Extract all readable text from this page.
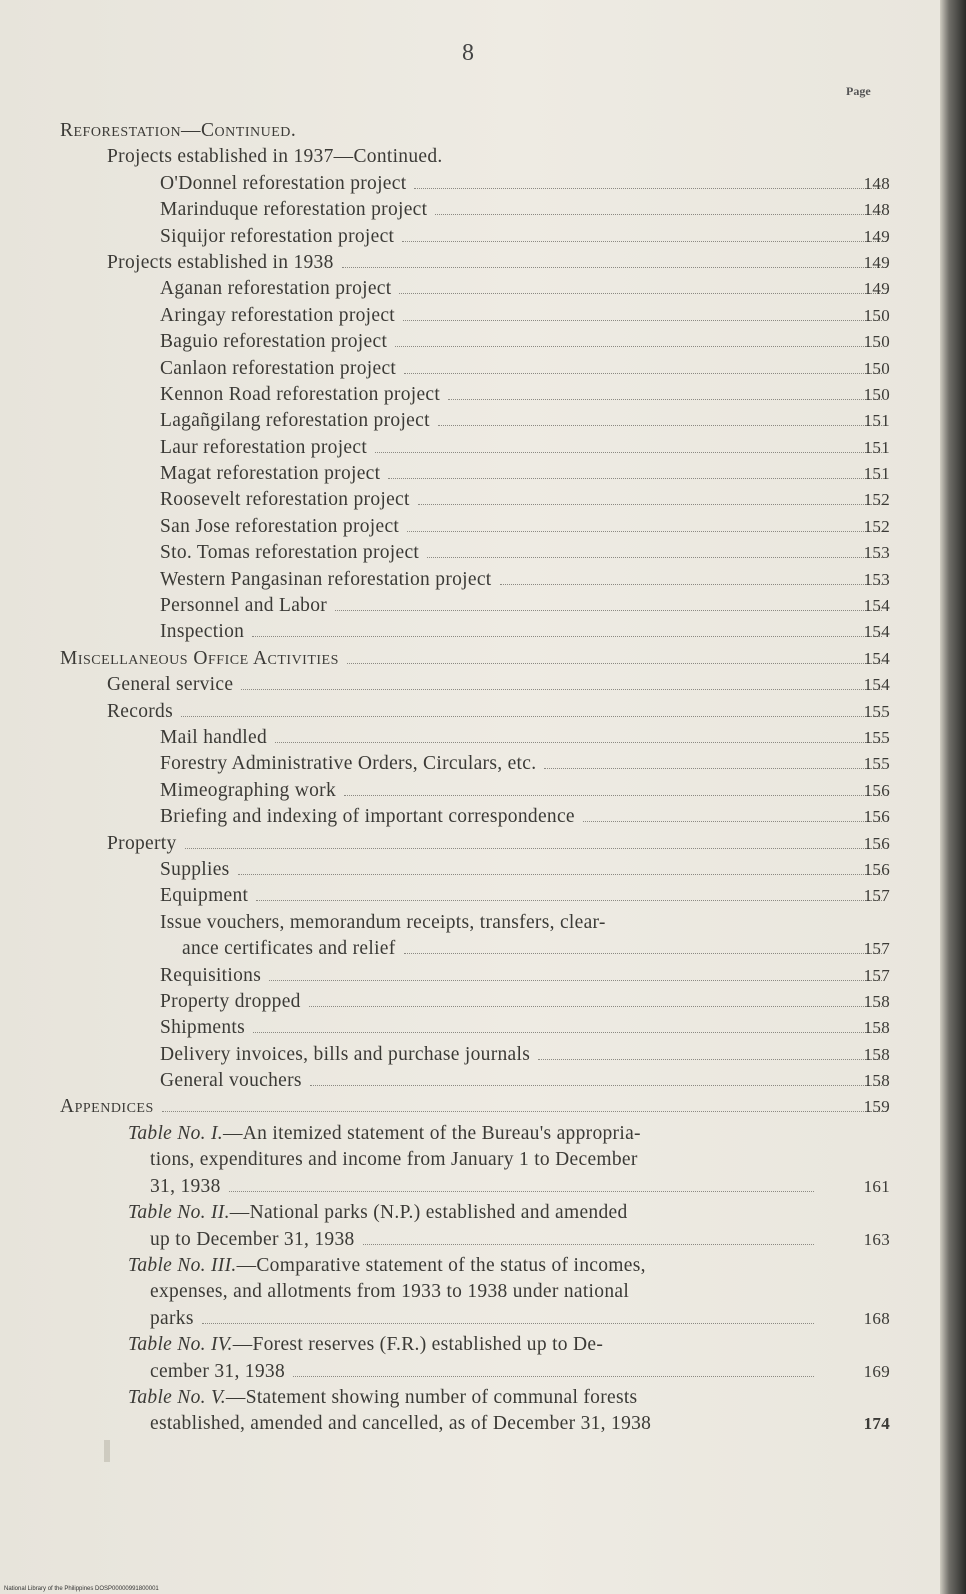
8
Page
Reforestation—Continued.
Projects established in 1937—Continued.
O'Donnel reforestation project	148
Marinduque reforestation project	148
Siquijor reforestation project	149
Projects established in 1938	149
Aganan reforestation project	149
Aringay reforestation project	150
Baguio reforestation project	150
Canlaon reforestation project	150
Kennon Road reforestation project	150
Lagañgilang reforestation project	151
Laur reforestation project	151
Magat reforestation project	151
Roosevelt reforestation project	152
San Jose reforestation project	152
Sto. Tomas reforestation project	153
Western Pangasinan reforestation project	153
Personnel and Labor	154
Inspection	154
Miscellaneous Office Activities	154
General service	154
Records	155
Mail handled	155
Forestry Administrative Orders, Circulars, etc.	155
Mimeographing work	156
Briefing and indexing of important correspondence	156
Property	156
Supplies	156
Equipment	157
Issue vouchers, memorandum receipts, transfers, clear-
ance certificates and relief	157
Requisitions	157
Property dropped	158
Shipments	158
Delivery invoices, bills and purchase journals	158
General vouchers	158
Appendices	159
Table No. I.—An itemized statement of the Bureau's appropria-
tions, expenditures and income from January 1 to December
31, 1938	161
Table No. II.—National parks (N.P.) established and amended
up to December 31, 1938	163
Table No. III.—Comparative statement of the status of incomes,
expenses, and allotments from 1933 to 1938 under national
parks	168
Table No. IV.—Forest reserves (F.R.) established up to De-
cember 31, 1938	169
Table No. V.—Statement showing number of communal forests
established, amended and cancelled, as of December 31, 1938	174
National Library of the Philippines DOSP00000991800001
